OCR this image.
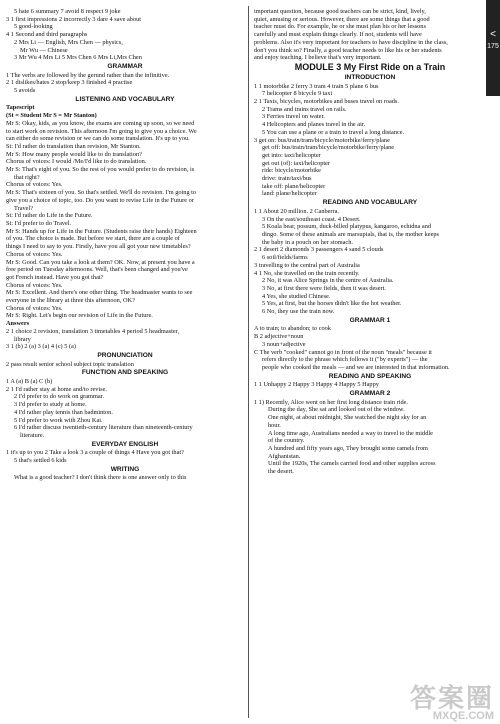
5 hate 6 summary 7 avoid 8 respect 9 joke
3 1 first impressions 2 incorrectly 3 dare 4 save about
5 good-looking
4 1 Second and third paragraphs
2 Mrs Li — English, Mrs Chen — physics,
Mr Wu — Chinese
3 Mr Wu 4 Mrs Li 5 Mrs Chen 6 Mrs Li,Mrs Chen
GRAMMAR
1 The verbs are followed by the gerund rather than the infinitive.
2 1 dislikes/hates 2 stop/keep 3 finished 4 practise
5 avoids
LISTENING AND VOCABULARY
Tapescript
(St = Student Mr S = Mr Stanton)
Mr S: Okay, kids, as you know, the exams are coming up soon, so we need
to start work on revision. This afternoon I'm going to give you a choice. We
can either do some revision or we can do some translation. It's up to you.
St: I'd rather do translation than revision, Mr Stanton.
Mr S: How many people would like to do translation?
Chorus of voices: I would /Me/I'd like to do translation.
Mr S: That's eight of you. So the rest of you would prefer to do revision, is
that right?
Chorus of voices: Yes.
Mr S: That's sixteen of you. So that's settled. We'll do revision. I'm going to
give you a choice of topic, too. Do you want to revise Life in the Future or
Travel?
St: I'd rather do Life in the Future.
St: I'd prefer to do Travel.
Mr S: Hands up for Life in the Future. (Students raise their hands) Eighteen
of you. The choice is made. But before we start, there are a couple of
things I need to say to you. Firstly, have you all got your new timetables?
Chorus of voices: Yes.
Mr S: Good. Can you take a look at them? OK. Now, at present you have a
free period on Tuesday afternoons. Well, that's been changed and you've
got French instead. Have you got that?
Chorus of voices: Yes.
Mr S: Excellent. And there's one other thing. The headmaster wants to see
everyone in the library at three this afternoon, OK?
Chorus of voices: Yes.
Mr S: Right. Let's begin our revision of Life in the Future.
Answers
2 1 choice 2 revision, translation 3 timetables 4 period 5 headmaster,
library
3 1 (b) 2 (a) 3 (a) 4 (c) 5 (a)
PRONUNCIATION
2 pass result senior school subject topic translation
FUNCTION AND SPEAKING
1 A (a) B (a) C (b)
2 1 I'd rather stay at home and/to revise.
2 I'd prefer to do work on grammar.
3 I'd prefer to study at home.
4 I'd rather play tennis than badminton.
5 I'd prefer to work with Zhou Kai.
6 I'd rather discuss twentieth-century literature than nineteenth-century
literature.
EVERYDAY ENGLISH
1 it's up to you 2 Take a look 3 a couple of things 4 Have you got that?
5 that's settled 6 kids
WRITING
What is a good teacher? I don't think there is one answer only to this
important question, because good teachers can be strict, kind, lively,
quiet, amusing or serious. However, there are some things that a good
teacher must do. For example, he or she must plan his or her lessons
carefully and must explain things clearly. If not, students will have
problems. Also it's very important for teachers to have discipline in the class,
don't you think so? Finally, a good teacher needs to like his or her students
and enjoy teaching. I believe that's very important.
MODULE 3 My First Ride on a Train
INTRODUCTION
1 1 motorbike 2 ferry 3 tram 4 train 5 plane 6 bus
7 helicopter 8 bicycle 9 taxi
2 1 Taxis, bicycles, motorbikes and buses travel on roads.
2 Trams and trains travel on rails.
3 Ferries travel on water.
4 Helicopters and planes travel in the air.
5 You can use a plane or a train to travel a long distance.
3 get on: bus/train/tram/bicycle/motorbike/ferry/plane
get off: bus/train/tram/bicycle/motorbike/ferry/plane
get into: taxi/helicopter
get out (of): taxi/helicopter
ride: bicycle/motorbike
drive: train/taxi/bus
take off: plane/helicopter
land: plane/helicopter
READING AND VOCABULARY
1 1 About 20 million. 2 Canberra.
3 On the east/southeast coast. 4 Desert.
5 Koala bear, possum, duck-billed platypus, kangaroo, echidna and
dingo. Some of these animals are marsupials, that is, the mother keeps
the baby in a pouch on her stomach.
2 1 desert 2 diamonds 3 passengers 4 sand 5 clouds
6 soil/fields/farms
3 travelling to the central part of Australia
4 1 No, she travelled on the train recently.
2 No, it was Alice Springs in the centre of Australia.
3 No, at first there were fields, then it was desert.
4 Yes, she studied Chinese.
5 Yes, at first, but the horses didn't like the hot weather.
6 No, they use the train now.
GRAMMAR 1
A to train; to abandon; to cook
B 2 adjective+noun
3 noun+adjective
C The verb "cooked" cannot go in front of the noun "meals" because it
refers directly to the phrase which follows it ("by experts") — the
people who cooked the meals — and we are interested in that information.
READING AND SPEAKING
1 1 Unhappy 2 Happy 3 Happy 4 Happy 5 Happy
GRAMMAR 2
1 1) Recently, Alice went on her first long distance train ride.
During the day, She sat and looked out of the window.
One night, at about midnight, She watched the night sky for an
hour.
A long time ago, Australians needed a way to travel to the middle
of the country.
A hundred and fifty years ago, They brought some camels from
Afghanistan.
Until the 1920s, The camels carried food and other supplies across
the desert.
<
175
答案圈
MXQE.COM
